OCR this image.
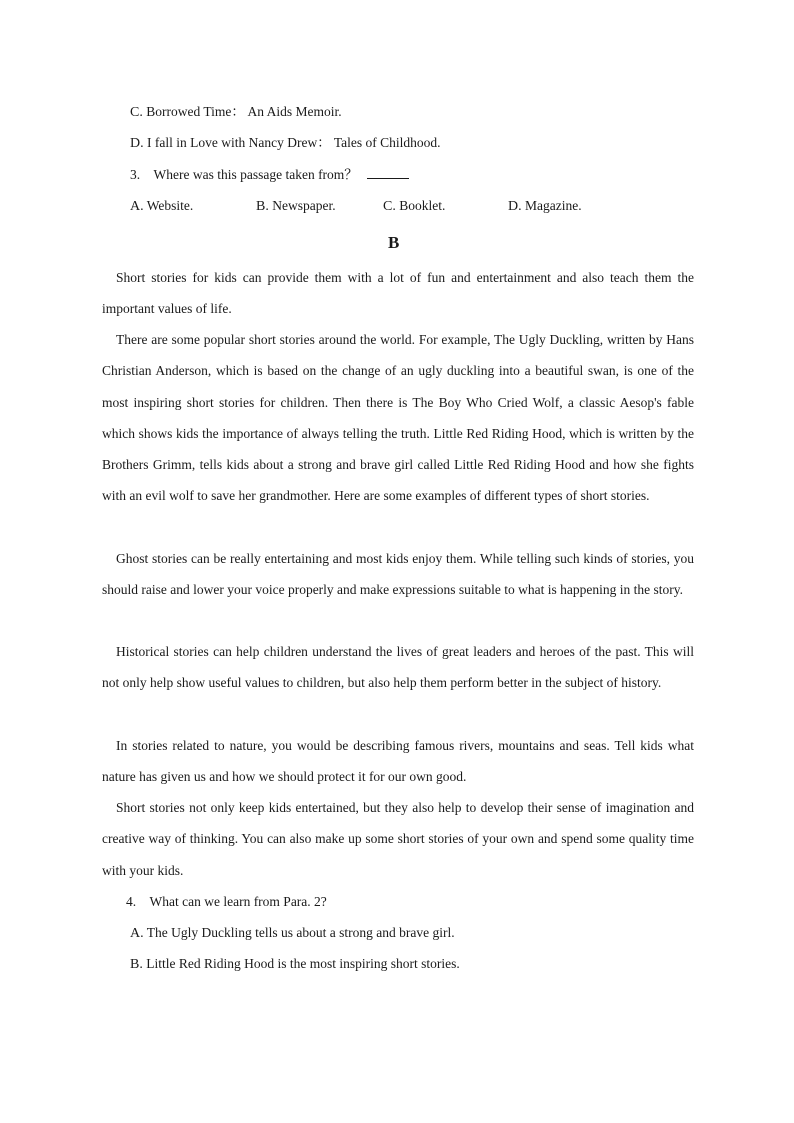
C. Borrowed Time： An Aids Memoir.
D. I fall in Love with Nancy Drew： Tales of Childhood.
3. Where was this passage taken from？
A. Website.	B. Newspaper.	C. Booklet.	D. Magazine.
B

Short stories for kids can provide them with a lot of fun and entertainment and also teach them the important values of life.

There are some popular short stories around the world. For example, The Ugly Duckling, written by Hans Christian Anderson, which is based on the change of an ugly duckling into a beautiful swan, is one of the most inspiring short stories for children. Then there is The Boy Who Cried Wolf, a classic Aesop's fable which shows kids the importance of always telling the truth. Little Red Riding Hood, which is written by the Brothers Grimm, tells kids about a strong and brave girl called Little Red Riding Hood and how she fights with an evil wolf to save her grandmother. Here are some examples of different types of short stories.

Ghost stories can be really entertaining and most kids enjoy them. While telling such kinds of stories, you should raise and lower your voice properly and make expressions suitable to what is happening in the story.

Historical stories can help children understand the lives of great leaders and heroes of the past. This will not only help show useful values to children, but also help them perform better in the subject of history.

In stories related to nature, you would be describing famous rivers, mountains and seas. Tell kids what nature has given us and how we should protect it for our own good.

Short stories not only keep kids entertained, but they also help to develop their sense of imagination and creative way of thinking. You can also make up some short stories of your own and spend some quality time with your kids.

4. What can we learn from Para. 2?
A. The Ugly Duckling tells us about a strong and brave girl.
B. Little Red Riding Hood is the most inspiring short stories.
